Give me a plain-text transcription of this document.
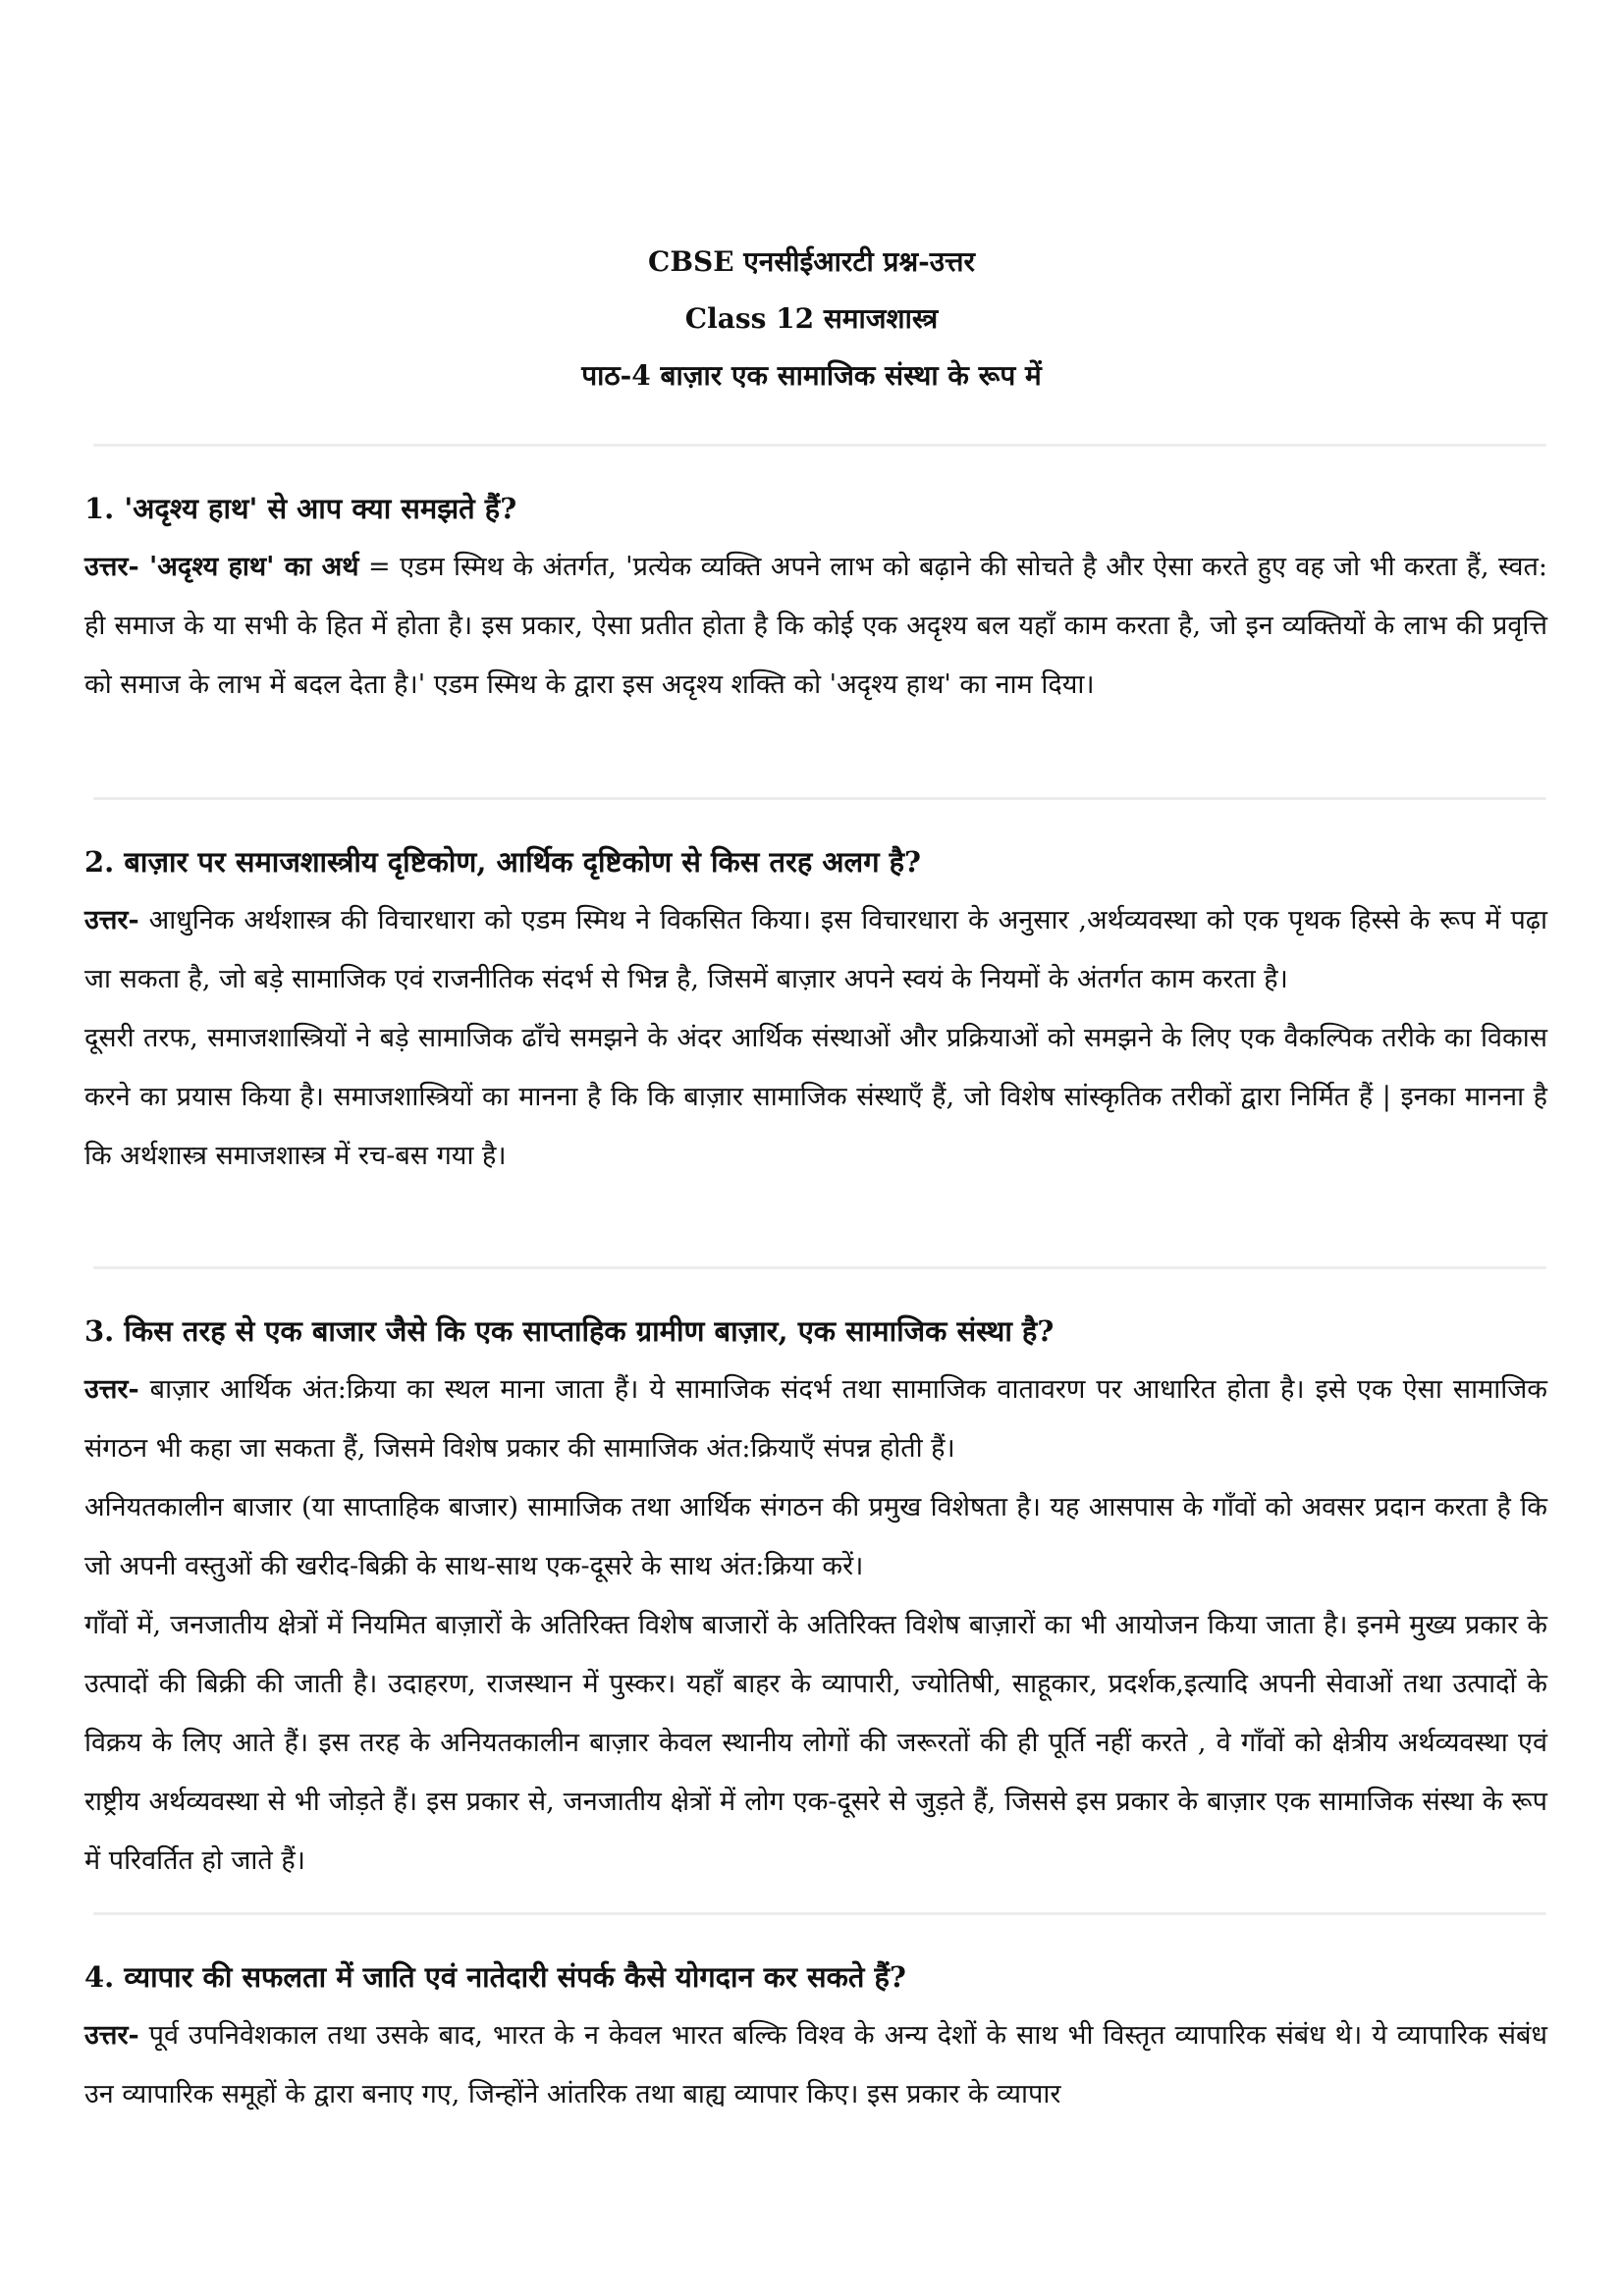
CBSE एनसीईआरटी प्रश्न-उत्तर
Class 12 समाजशास्त्र
पाठ-4 बाज़ार एक सामाजिक संस्था के रूप में
1. 'अदृश्य हाथ' से आप क्या समझते हैं?

उत्तर- 'अदृश्य हाथ' का अर्थ = एडम स्मिथ के अंतर्गत, 'प्रत्येक व्यक्ति अपने लाभ को बढ़ाने की सोचते है और ऐसा करते हुए वह जो भी करता हैं, स्वत: ही समाज के या सभी के हित में होता है। इस प्रकार, ऐसा प्रतीत होता है कि कोई एक अदृश्य बल यहाँ काम करता है, जो इन व्यक्तियों के लाभ की प्रवृत्ति को समाज के लाभ में बदल देता है।' एडम स्मिथ के द्वारा इस अदृश्य शक्ति को 'अदृश्य हाथ' का नाम दिया।

2. बाज़ार पर समाजशास्त्रीय दृष्टिकोण, आर्थिक दृष्टिकोण से किस तरह अलग है?

उत्तर- आधुनिक अर्थशास्त्र की विचारधारा को एडम स्मिथ ने विकसित किया। इस विचारधारा के अनुसार ,अर्थव्यवस्था को एक पृथक हिस्से के रूप में पढ़ा जा सकता है, जो बड़े सामाजिक एवं राजनीतिक संदर्भ से भिन्न है, जिसमें बाज़ार अपने स्वयं के नियमों के अंतर्गत काम करता है।

दूसरी तरफ, समाजशास्त्रियों ने बड़े सामाजिक ढाँचे समझने के अंदर आर्थिक संस्थाओं और प्रक्रियाओं को समझने के लिए एक वैकल्पिक तरीके का विकास करने का प्रयास किया है। समाजशास्त्रियों का मानना है कि कि बाज़ार सामाजिक संस्थाएँ हैं, जो विशेष सांस्कृतिक तरीकों द्वारा निर्मित हैं | इनका मानना है कि अर्थशास्त्र समाजशास्त्र में रच-बस गया है।

3. किस तरह से एक बाजार जैसे कि एक साप्ताहिक ग्रामीण बाज़ार, एक सामाजिक संस्था है?

उत्तर- बाज़ार आर्थिक अंत:क्रिया का स्थल माना जाता हैं। ये सामाजिक संदर्भ तथा सामाजिक वातावरण पर आधारित होता है। इसे एक ऐसा सामाजिक संगठन भी कहा जा सकता हैं, जिसमे विशेष प्रकार की सामाजिक अंत:क्रियाएँ संपन्न होती हैं।

अनियतकालीन बाजार (या साप्ताहिक बाजार) सामाजिक तथा आर्थिक संगठन की प्रमुख विशेषता है। यह आसपास के गाँवों को अवसर प्रदान करता है कि जो अपनी वस्तुओं की खरीद-बिक्री के साथ-साथ एक-दूसरे के साथ अंत:क्रिया करें।

गाँवों में, जनजातीय क्षेत्रों में नियमित बाज़ारों के अतिरिक्त विशेष बाजारों के अतिरिक्त विशेष बाज़ारों का भी आयोजन किया जाता है। इनमे मुख्य प्रकार के उत्पादों की बिक्री की जाती है। उदाहरण, राजस्थान में पुस्कर। यहाँ बाहर के व्यापारी, ज्योतिषी, साहूकार, प्रदर्शक,इत्यादि अपनी सेवाओं तथा उत्पादों के विक्रय के लिए आते हैं। इस तरह के अनियतकालीन बाज़ार केवल स्थानीय लोगों की जरूरतों की ही पूर्ति नहीं करते , वे गाँवों को क्षेत्रीय अर्थव्यवस्था एवं राष्ट्रीय अर्थव्यवस्था से भी जोड़ते हैं। इस प्रकार से, जनजातीय क्षेत्रों में लोग एक-दूसरे से जुड़ते हैं, जिससे इस प्रकार के बाज़ार एक सामाजिक संस्था के रूप में परिवर्तित हो जाते हैं।

4. व्यापार की सफलता में जाति एवं नातेदारी संपर्क कैसे योगदान कर सकते हैं?

उत्तर- पूर्व उपनिवेशकाल तथा उसके बाद, भारत के न केवल भारत बल्कि विश्व के अन्य देशों के साथ भी विस्तृत व्यापारिक संबंध थे। ये व्यापारिक संबंध उन व्यापारिक समूहों के द्वारा बनाए गए, जिन्होंने आंतरिक तथा बाह्य व्यापार किए। इस प्रकार के व्यापार
